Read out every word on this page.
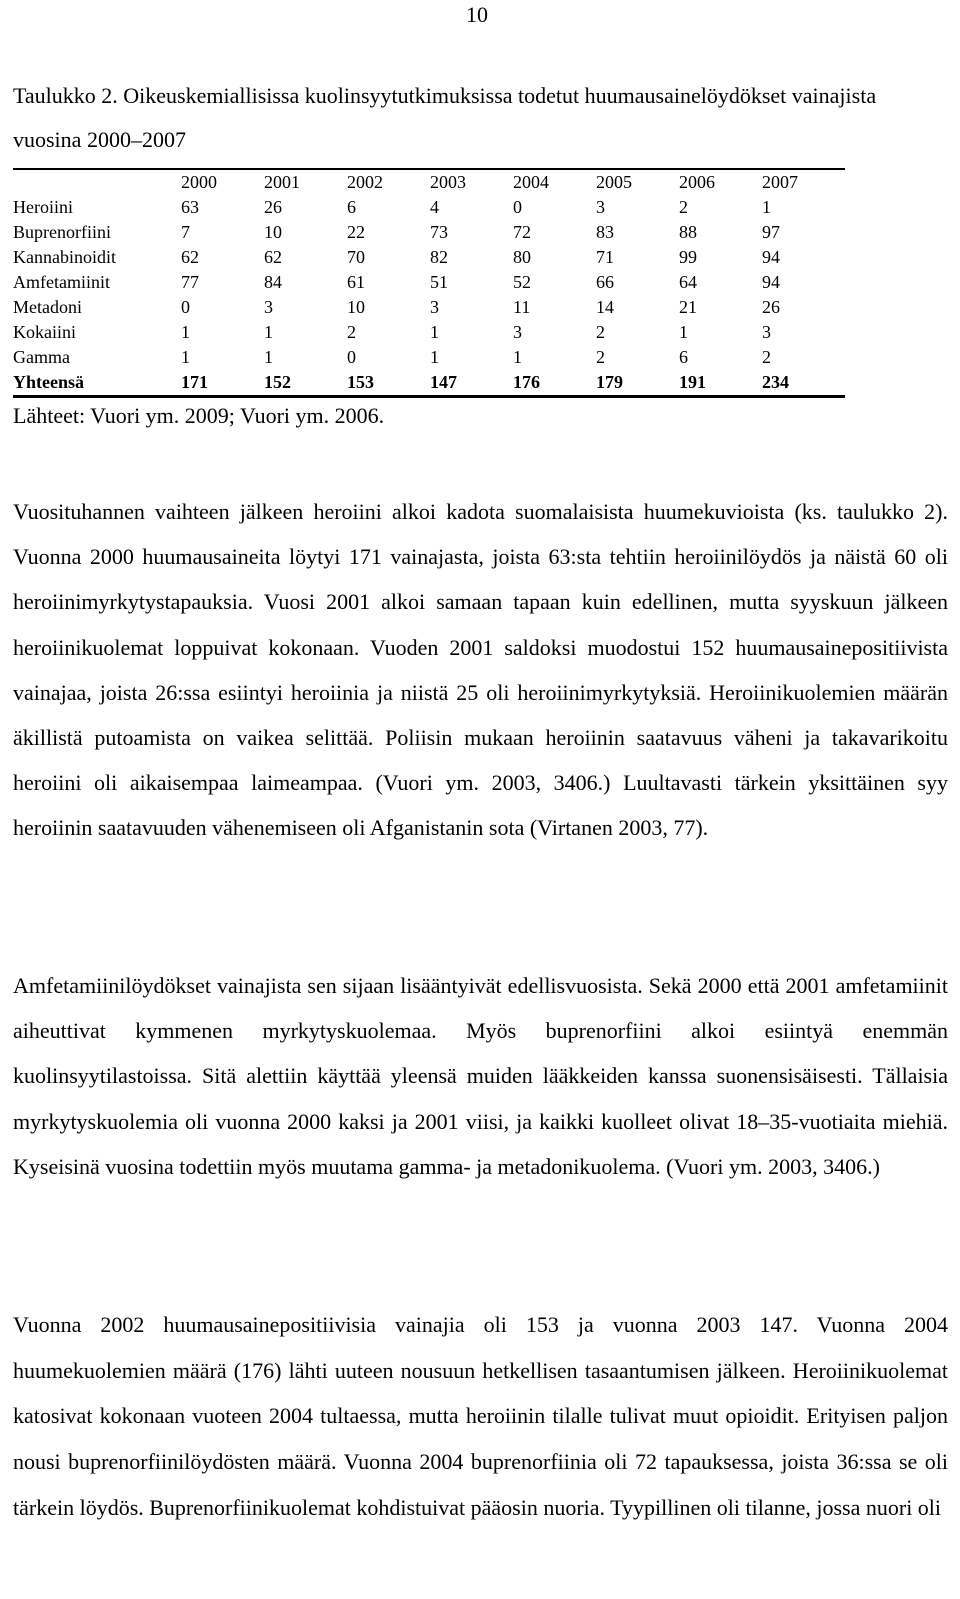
10
Taulukko 2. Oikeuskemiallisissa kuolinsyytutkimuksissa todetut huumausainelöydökset vainajista vuosina 2000–2007
	2000	2001	2002	2003	2004	2005	2006	2007
Heroiini	63	26	6	4	0	3	2	1
Buprenorfiini	7	10	22	73	72	83	88	97
Kannabinoidit	62	62	70	82	80	71	99	94
Amfetamiinit	77	84	61	51	52	66	64	94
Metadoni	0	3	10	3	11	14	21	26
Kokaiini	1	1	2	1	3	2	1	3
Gamma	1	1	0	1	1	2	6	2
Yhteensä	171	152	153	147	176	179	191	234
Lähteet: Vuori ym. 2009; Vuori ym. 2006.

Vuosituhannen vaihteen jälkeen heroiini alkoi kadota suomalaisista huumekuvioista (ks. taulukko 2). Vuonna 2000 huumausaineita löytyi 171 vainajasta, joista 63:sta tehtiin heroiinilöydös ja näistä 60 oli heroiinimyrkytystapauksia. Vuosi 2001 alkoi samaan tapaan kuin edellinen, mutta syyskuun jälkeen heroiinikuolemat loppuivat kokonaan. Vuoden 2001 saldoksi muodostui 152 huumausainepositiivista vainajaa, joista 26:ssa esiintyi heroiinia ja niistä 25 oli heroiinimyrkytyksiä. Heroiinikuolemien määrän äkillistä putoamista on vaikea selittää. Poliisin mukaan heroiinin saatavuus väheni ja takavarikoitu heroiini oli aikaisempaa laimeampaa. (Vuori ym. 2003, 3406.) Luultavasti tärkein yksittäinen syy heroiinin saatavuuden vähenemiseen oli Afganistanin sota (Virtanen 2003, 77).

Amfetamiinilöydökset vainajista sen sijaan lisääntyivät edellisvuosista. Sekä 2000 että 2001 amfetamiinit aiheuttivat kymmenen myrkytyskuolemaa. Myös buprenorfiini alkoi esiintyä enemmän kuolinsyytilastoissa. Sitä alettiin käyttää yleensä muiden lääkkeiden kanssa suonensisäisesti. Tällaisia myrkytyskuolemia oli vuonna 2000 kaksi ja 2001 viisi, ja kaikki kuolleet olivat 18–35-vuotiaita miehiä. Kyseisinä vuosina todettiin myös muutama gamma- ja metadonikuolema. (Vuori ym. 2003, 3406.)

Vuonna 2002 huumausainepositiivisia vainajia oli 153 ja vuonna 2003 147. Vuonna 2004 huumekuolemien määrä (176) lähti uuteen nousuun hetkellisen tasaantumisen jälkeen. Heroiinikuolemat katosivat kokonaan vuoteen 2004 tultaessa, mutta heroiinin tilalle tulivat muut opioidit. Erityisen paljon nousi buprenorfiinilöydösten määrä. Vuonna 2004 buprenorfiinia oli 72 tapauksessa, joista 36:ssa se oli tärkein löydös. Buprenorfiinikuolemat kohdistuivat pääosin nuoria. Tyypillinen oli tilanne, jossa nuori oli
